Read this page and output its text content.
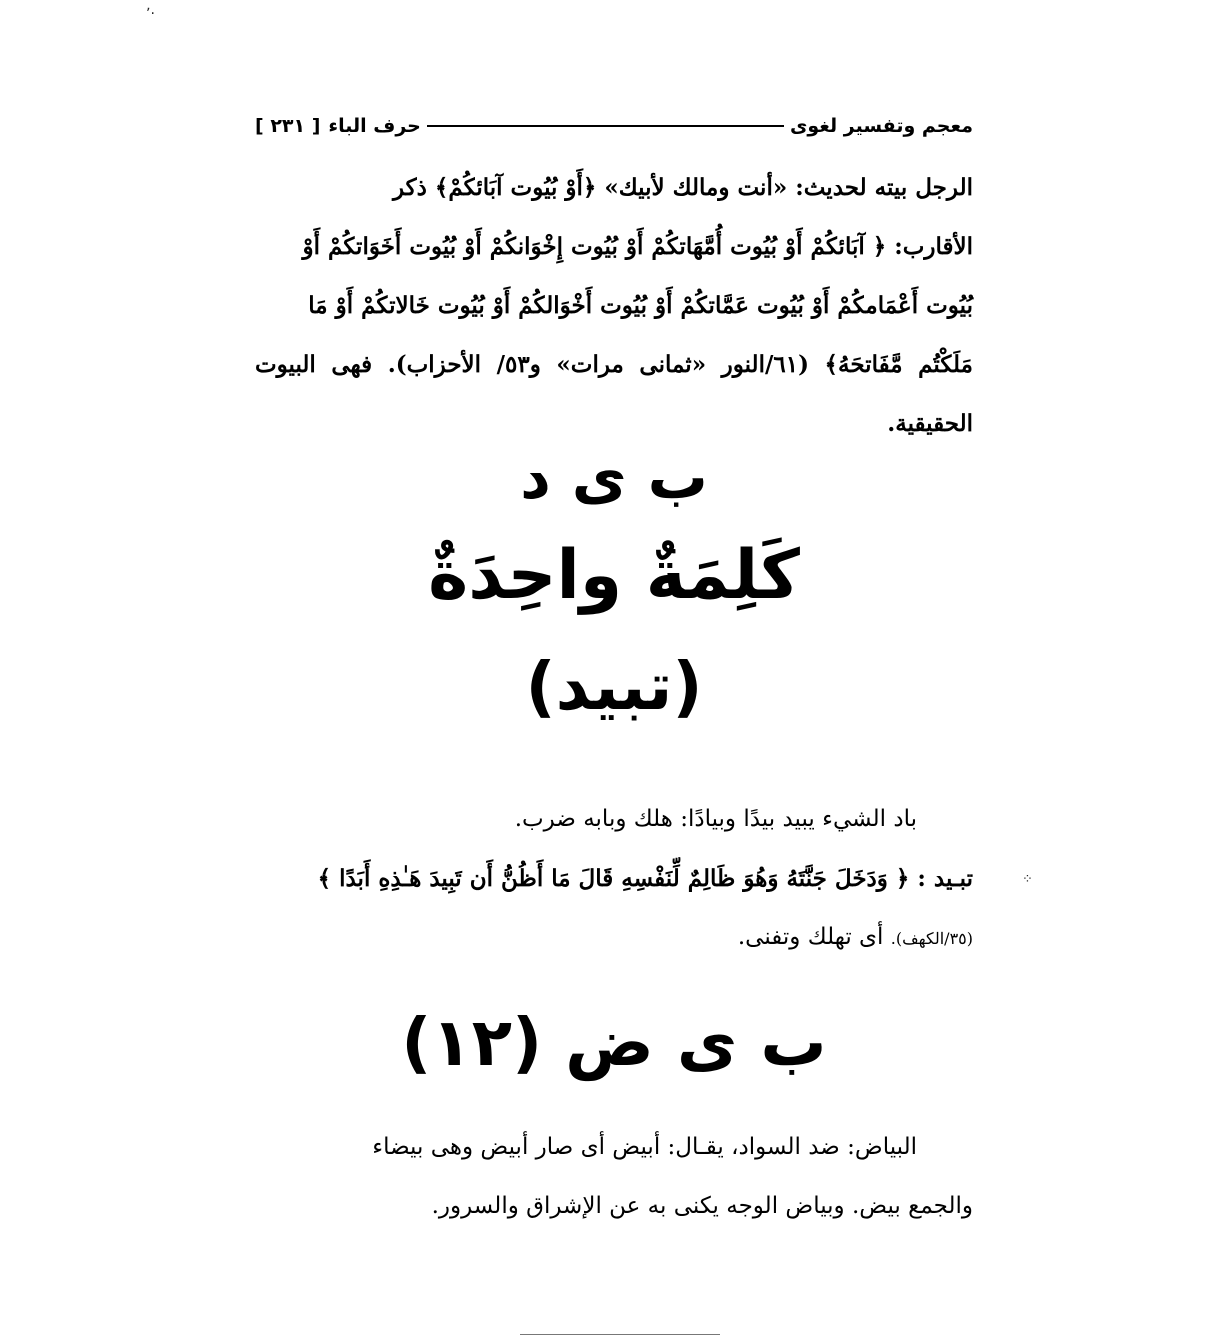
معجم وتفسير لغوى
حرف الباء
[ ٢٣١ ]
الرجل بيته لحديث: «أنت ومالك لأبيك» ﴿أَوْ بُيُوت آبَائكُمْ﴾ ذكر
الأقارب: ﴿ آبَائكُمْ أَوْ بُيُوت أُمَّهَاتكُمْ أَوْ بُيُوت إِخْوَانكُمْ أَوْ بُيُوت أَخَوَاتكُمْ أَوْ
بُيُوت أَعْمَامكُمْ أَوْ بُيُوت عَمَّاتكُمْ أَوْ بُيُوت أَخْوَالكُمْ أَوْ بُيُوت خَالاتكُمْ أَوْ مَا
مَلَكْتُم مَّفَاتحَهُ﴾ (٦١/النور «ثمانى مرات» و٥٣/ الأحزاب). فهى البيوت الحقيقية.
ب ى د
كَلِمَةٌ واحِدَةٌ
(تبيد)
باد الشيء يبيد بيدًا وبيادًا: هلك وبابه ضرب.
تبـيد : ﴿ وَدَخَلَ جَنَّتَهُ وَهُوَ ظَالِمٌ لِّنَفْسِهِ قَالَ مَا أَظُنُّ أَن تَبِيدَ هَـٰذِهِ أَبَدًا ﴾
(٣٥/الكهف). أى تهلك وتفنى.
ب ى ض (١٢)
البياض: ضد السواد، يقـال: أبيض أى صار أبيض وهى بيضاء
والجمع بيض. وبياض الوجه يكنى به عن الإشراق والسرور.
ʼ·
⁘
